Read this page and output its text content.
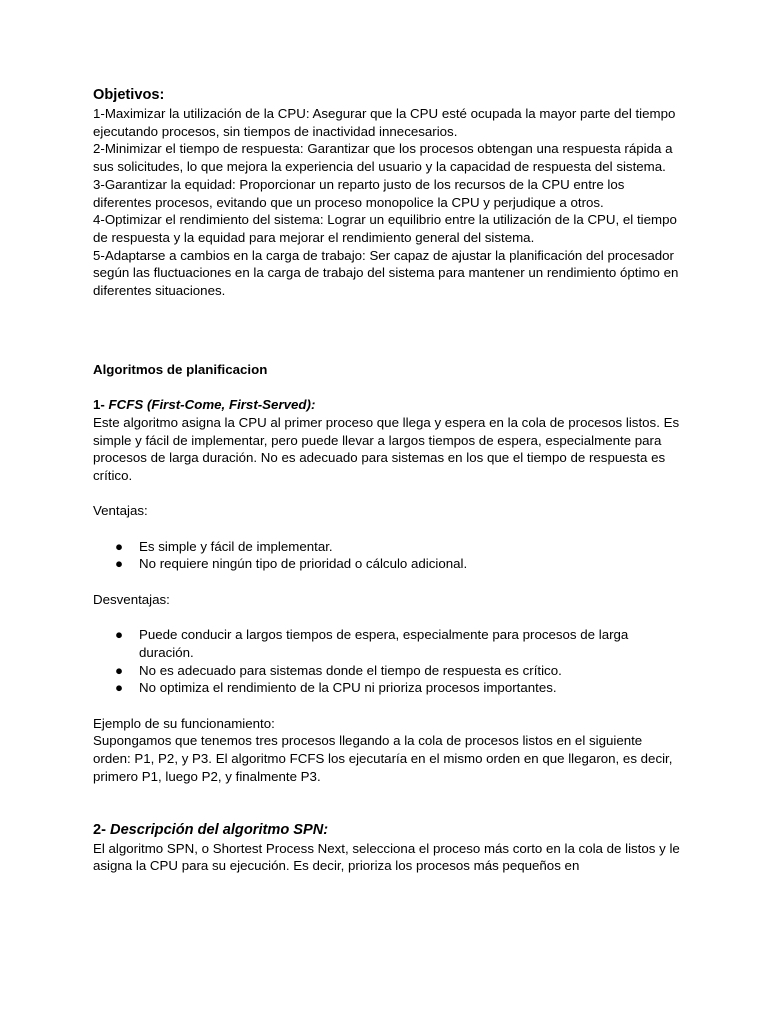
Objetivos:

1-Maximizar la utilización de la CPU: Asegurar que la CPU esté ocupada la mayor parte del tiempo ejecutando procesos, sin tiempos de inactividad innecesarios.

2-Minimizar el tiempo de respuesta: Garantizar que los procesos obtengan una respuesta rápida a sus solicitudes, lo que mejora la experiencia del usuario y la capacidad de respuesta del sistema.

3-Garantizar la equidad: Proporcionar un reparto justo de los recursos de la CPU entre los diferentes procesos, evitando que un proceso monopolice la CPU y perjudique a otros.

4-Optimizar el rendimiento del sistema: Lograr un equilibrio entre la utilización de la CPU, el tiempo de respuesta y la equidad para mejorar el rendimiento general del sistema.

5-Adaptarse a cambios en la carga de trabajo: Ser capaz de ajustar la planificación del procesador según las fluctuaciones en la carga de trabajo del sistema para mantener un rendimiento óptimo en diferentes situaciones.

Algoritmos de planificacion

1- FCFS (First-Come, First-Served):

Este algoritmo asigna la CPU al primer proceso que llega y espera en la cola de procesos listos. Es simple y fácil de implementar, pero puede llevar a largos tiempos de espera, especialmente para procesos de larga duración. No es adecuado para sistemas en los que el tiempo de respuesta es crítico.

Ventajas:

● Es simple y fácil de implementar.
● No requiere ningún tipo de prioridad o cálculo adicional.

Desventajas:

● Puede conducir a largos tiempos de espera, especialmente para procesos de larga duración.
● No es adecuado para sistemas donde el tiempo de respuesta es crítico.
● No optimiza el rendimiento de la CPU ni prioriza procesos importantes.

Ejemplo de su funcionamiento:

Supongamos que tenemos tres procesos llegando a la cola de procesos listos en el siguiente orden: P1, P2, y P3. El algoritmo FCFS los ejecutaría en el mismo orden en que llegaron, es decir, primero P1, luego P2, y finalmente P3.

2- Descripción del algoritmo SPN:

El algoritmo SPN, o Shortest Process Next, selecciona el proceso más corto en la cola de listos y le asigna la CPU para su ejecución. Es decir, prioriza los procesos más pequeños en
